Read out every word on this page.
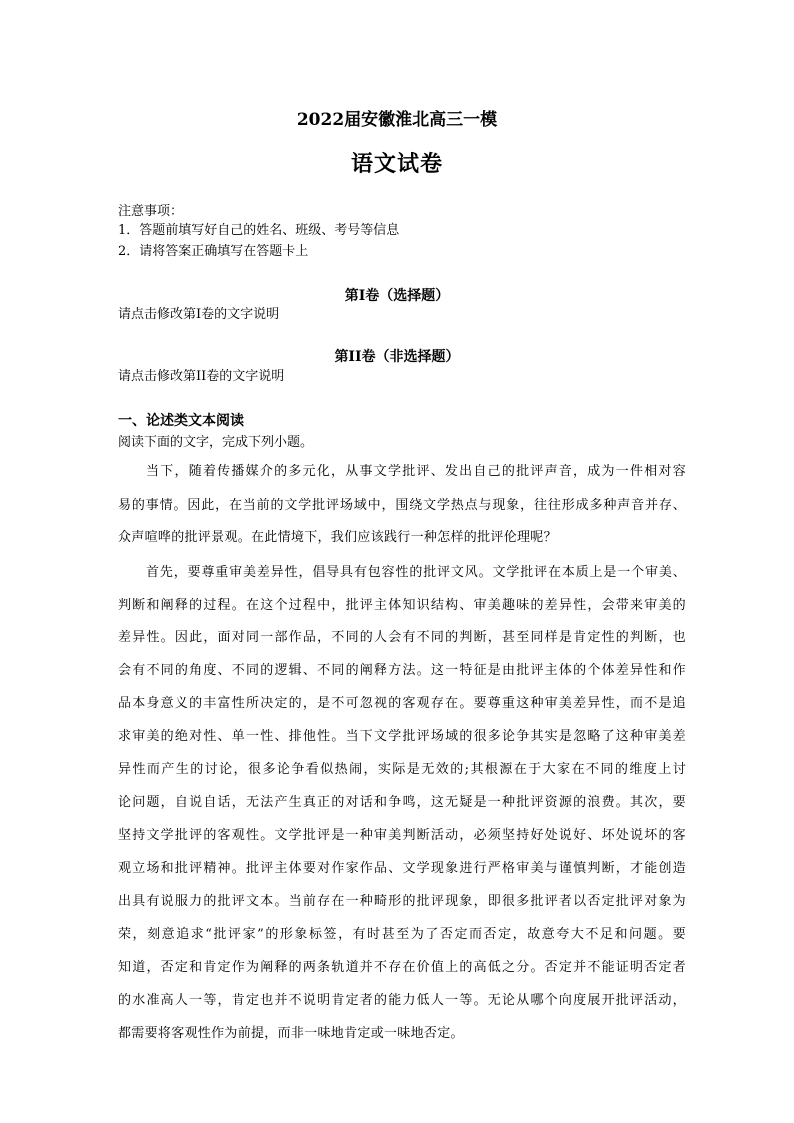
2022届安徽淮北高三一模
语文试卷
注意事项：
1．答题前填写好自己的姓名、班级、考号等信息
2．请将答案正确填写在答题卡上
第I卷（选择题）
请点击修改第I卷的文字说明
第II卷（非选择题）
请点击修改第II卷的文字说明
一、论述类文本阅读
阅读下面的文字，完成下列小题。
当下，随着传播媒介的多元化，从事文学批评、发出自己的批评声音，成为一件相对容
易的事情。因此，在当前的文学批评场域中，围绕文学热点与现象，往往形成多种声音并存、
众声喧哗的批评景观。在此情境下，我们应该践行一种怎样的批评伦理呢？
首先，要尊重审美差异性，倡导具有包容性的批评文风。文学批评在本质上是一个审美、
判断和阐释的过程。在这个过程中，批评主体知识结构、审美趣味的差异性，会带来审美的
差异性。因此，面对同一部作品，不同的人会有不同的判断，甚至同样是肯定性的判断，也
会有不同的角度、不同的逻辑、不同的阐释方法。这一特征是由批评主体的个体差异性和作
品本身意义的丰富性所决定的，是不可忽视的客观存在。要尊重这种审美差异性，而不是追
求审美的绝对性、单一性、排他性。当下文学批评场域的很多论争其实是忽略了这种审美差
异性而产生的讨论，很多论争看似热闹，实际是无效的;其根源在于大家在不同的维度上讨
论问题，自说自话，无法产生真正的对话和争鸣，这无疑是一种批评资源的浪费。其次，要
坚持文学批评的客观性。文学批评是一种审美判断活动，必须坚持好处说好、坏处说坏的客
观立场和批评精神。批评主体要对作家作品、文学现象进行严格审美与谨慎判断，才能创造
出具有说服力的批评文本。当前存在一种畸形的批评现象，即很多批评者以否定批评对象为
荣，刻意追求“批评家”的形象标签，有时甚至为了否定而否定，故意夸大不足和问题。要
知道，否定和肯定作为阐释的两条轨道并不存在价值上的高低之分。否定并不能证明否定者
的水准高人一等，肯定也并不说明肯定者的能力低人一等。无论从哪个向度展开批评活动，
都需要将客观性作为前提，而非一味地肯定或一味地否定。
